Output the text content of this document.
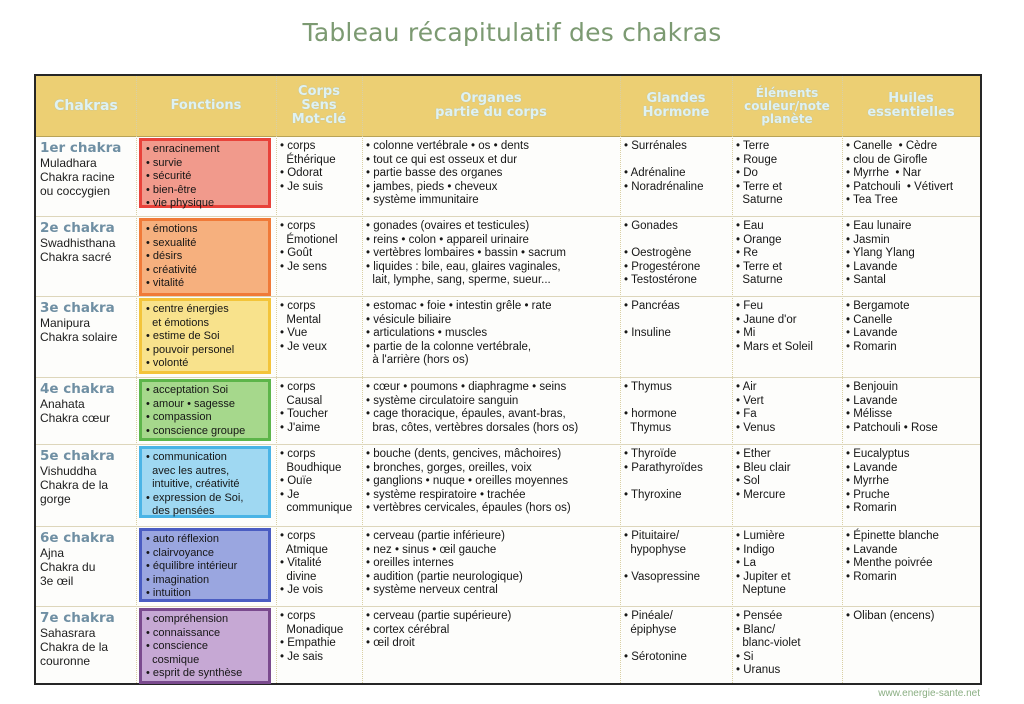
Tableau récapitulatif des chakras
Chakras	Fonctions
Corps
Sens
Mot-clé
Organes
partie du corps
Glandes
Hormone
Éléments
couleur/note
planète
Huiles
essentielles
1er chakra
Muladhara
Chakra racine
ou coccygien
• enracinement
• survie
• sécurité
• bien-être
• vie physique
• corps
Éthérique
• Odorat
• Je suis
• colonne vertébrale • os • dents
• tout ce qui est osseux et dur
• partie basse des organes
• jambes, pieds • cheveux
• système immunitaire
• Surrénales

• Adrénaline
• Noradrénaline
• Terre
• Rouge
• Do
• Terre et
Saturne
• Canelle  • Cèdre
• clou de Girofle
• Myrrhe  • Nar
• Patchouli  • Vétivert
• Tea Tree
2e chakra
Swadhisthana
Chakra sacré
• émotions
• sexualité
• désirs
• créativité
• vitalité
• corps
Émotionel
• Goût
• Je sens
• gonades (ovaires et testicules)
• reins • colon • appareil urinaire
• vertèbres lombaires • bassin • sacrum
• liquides : bile, eau, glaires vaginales,
lait, lymphe, sang, sperme, sueur...
• Gonades

• Oestrogène
• Progestérone
• Testostérone
• Eau
• Orange
• Re
• Terre et
Saturne
• Eau lunaire
• Jasmin
• Ylang Ylang
• Lavande
• Santal
3e chakra
Manipura
Chakra solaire
• centre énergies
et émotions
• estime de Soi
• pouvoir personel
• volonté
• corps
Mental
• Vue
• Je veux
• estomac • foie • intestin grêle • rate
• vésicule biliaire
• articulations • muscles
• partie de la colonne vertébrale,
à l'arrière (hors os)
• Pancréas

• Insuline
• Feu
• Jaune d'or
• Mi
• Mars et Soleil
• Bergamote
• Canelle
• Lavande
• Romarin
4e chakra
Anahata
Chakra cœur
• acceptation Soi
• amour • sagesse
• compassion
• conscience groupe
• corps
Causal
• Toucher
• J'aime
• cœur • poumons • diaphragme • seins
• système circulatoire sanguin
• cage thoracique, épaules, avant-bras,
bras, côtes, vertèbres dorsales (hors os)
• Thymus

• hormone
Thymus
• Air
• Vert
• Fa
• Venus
• Benjouin
• Lavande
• Mélisse
• Patchouli • Rose
5e chakra
Vishuddha
Chakra de la
gorge
• communication
avec les autres,
intuitive, créativité
• expression de Soi,
des pensées
• corps
Boudhique
• Ouïe
• Je
communique
• bouche (dents, gencives, mâchoires)
• bronches, gorges, oreilles, voix
• ganglions • nuque • oreilles moyennes
• système respiratoire • trachée
• vertèbres cervicales, épaules (hors os)
• Thyroïde
• Parathyroïdes

• Thyroxine
• Ether
• Bleu clair
• Sol
• Mercure
• Eucalyptus
• Lavande
• Myrrhe
• Pruche
• Romarin
6e chakra
Ajna
Chakra du
3e œil
• auto réflexion
• clairvoyance
• équilibre intérieur
• imagination
• intuition
• corps
Atmique
• Vitalité
divine
• Je vois
• cerveau (partie inférieure)
• nez • sinus • œil gauche
• oreilles internes
• audition (partie neurologique)
• système nerveux central
• Pituitaire/
hypophyse

• Vasopressine
• Lumière
• Indigo
• La
• Jupiter et
Neptune
• Épinette blanche
• Lavande
• Menthe poivrée
• Romarin
7e chakra
Sahasrara
Chakra de la
couronne
• compréhension
• connaissance
• conscience
cosmique
• esprit de synthèse
• corps
Monadique
• Empathie
• Je sais
• cerveau (partie supérieure)
• cortex cérébral
• œil droit
• Pinéale/
épiphyse

• Sérotonine
• Pensée
• Blanc/
blanc-violet
• Si
• Uranus
• Oliban (encens)
www.energie-sante.net
